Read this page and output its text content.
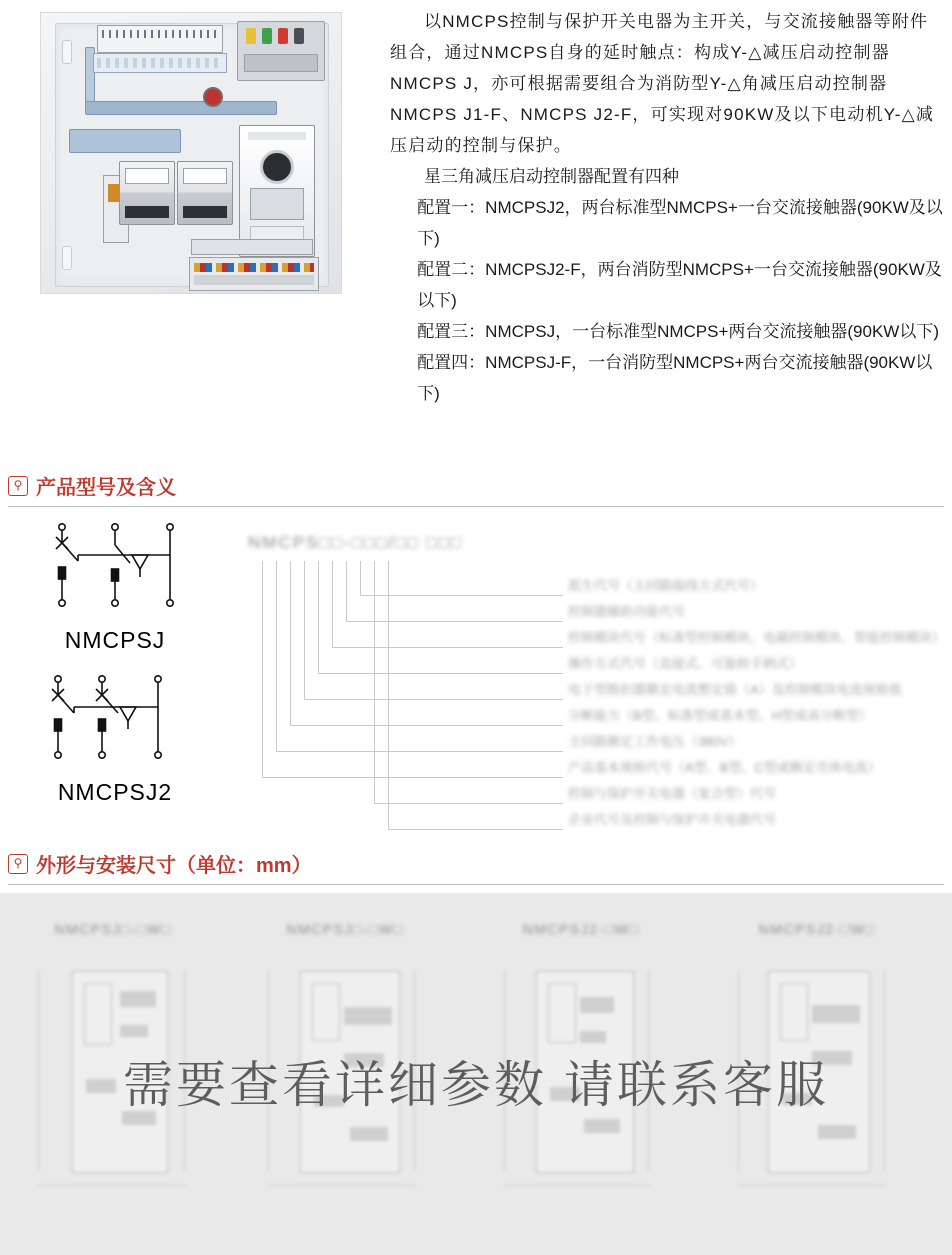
以NMCPS控制与保护开关电器为主开关，与交流接触器等附件组合，通过NMCPS自身的延时触点：构成Y-△减压启动控制器NMCPS J，亦可根据需要组合为消防型Y-△角减压启动控制器NMCPS J1-F、NMCPS J2-F，可实现对90KW及以下电动机Y-△减压启动的控制与保护。

星三角减压启动控制器配置有四种

配置一：NMCPSJ2，两台标准型NMCPS+一台交流接触器(90KW及以下)

配置二：NMCPSJ2-F，两台消防型NMCPS+一台交流接触器(90KW及以下)

配置三：NMCPSJ，一台标准型NMCPS+两台交流接触器(90KW以下)

配置四：NMCPSJ-F，一台消防型NMCPS+两台交流接触器(90KW以下)

⚲ 产品型号及含义
NMCPSJ
NMCPSJ2
NMCPS□□-□□□/□□ □□□
派生代号（主回路接线方式代号）
控制器辅助功能代号
控制模块代号（标准型控制模块、电磁控制模块、智能控制模块）
操作方式代号（直接式、可旋转手柄式）
电子型脱扣器额定电流整定值（A）及控制模块电流规格值
分断能力（B型、标准型或基本型、H型或高分断型）
主回路额定工作电压（380V）
产品基本规格代号（A型、B型、C型或额定壳体电流）
控制与保护开关电器（复合型）代号
企业代号及控制与保护开关电器代号
⚲ 外形与安装尺寸（单位：mm）
NMCPSJ□-□W□	NMCPSJ□-□W□	NMCPSJ2-□W□	NMCPSJ2-□W□
需要查看详细参数 请联系客服
